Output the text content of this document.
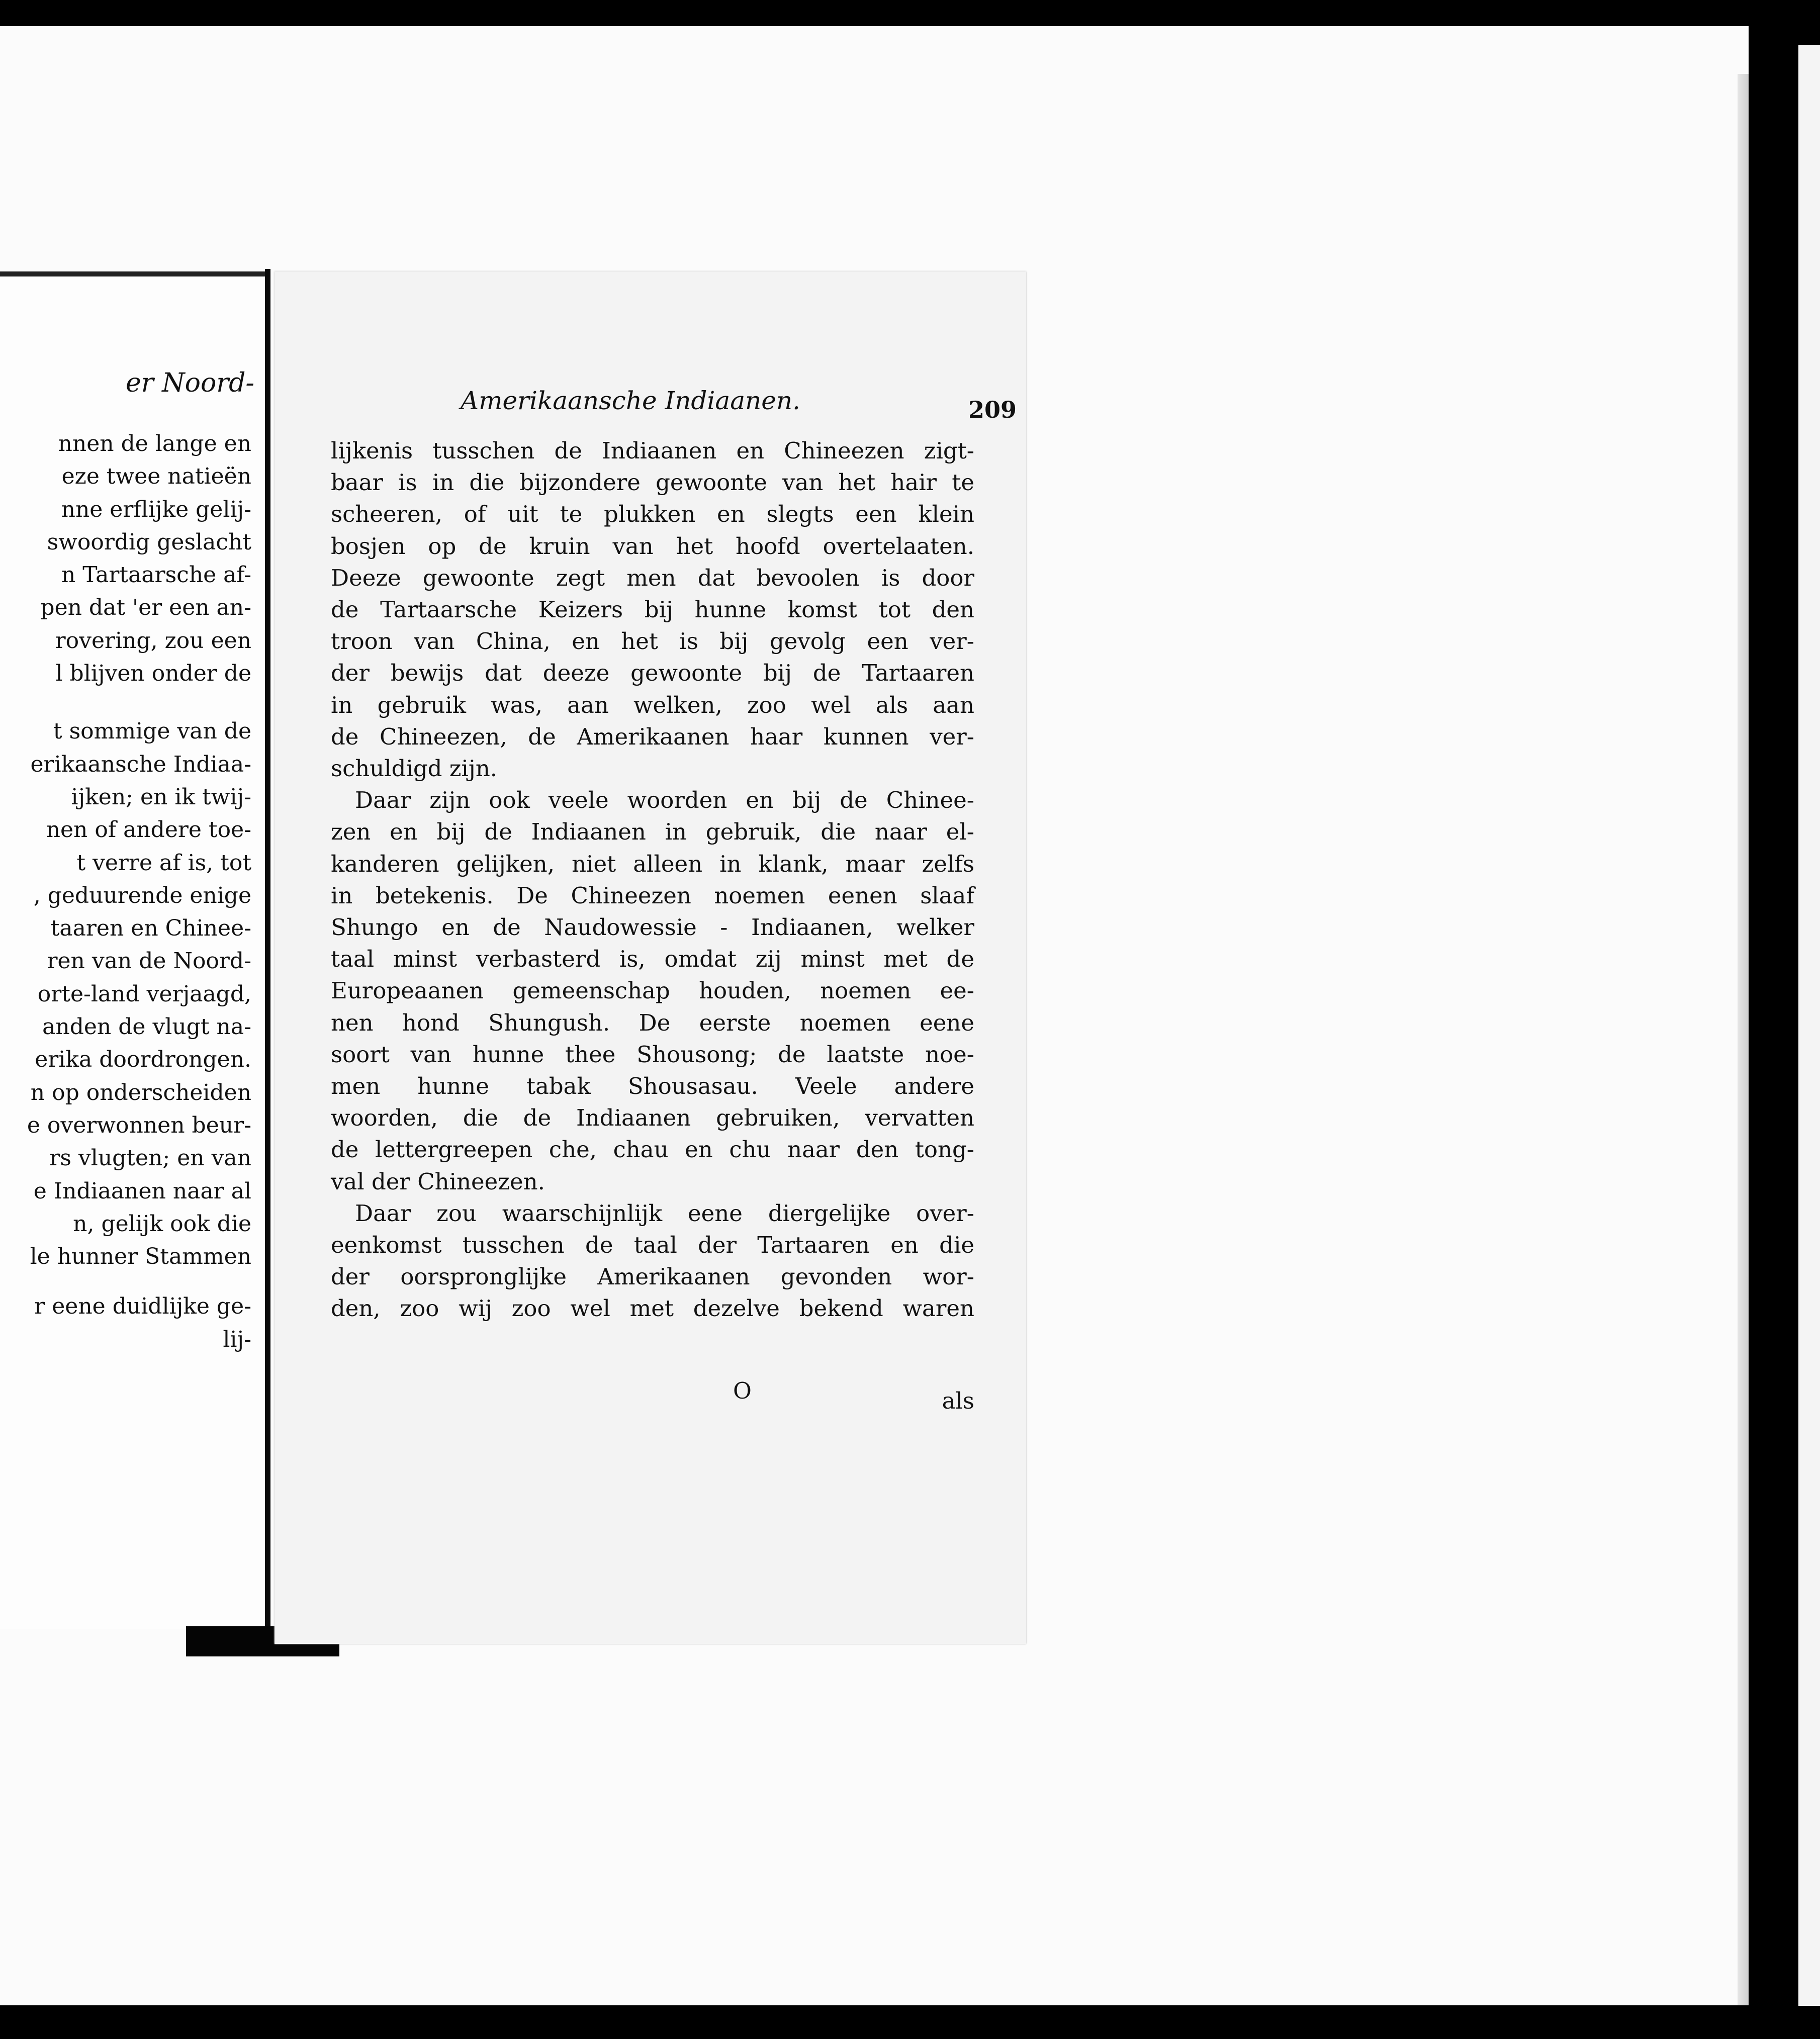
er Noord-
nnen de lange en
eze twee natieën
nne erflijke gelij-
swoordig geslacht
n Tartaarsche af-
pen dat 'er een an-
rovering, zou een
l blijven onder de
t sommige van de
erikaansche Indiaa-
ijken; en ik twij-
nen of andere toe-
t verre af is, tot
, geduurende enige
taaren en Chinee-
ren van de Noord-
orte-land verjaagd,
anden de vlugt na-
erika doordrongen.
n op onderscheiden
e overwonnen beur-
rs vlugten; en van
e Indiaanen naar al
n, gelijk ook die
le hunner Stammen
r eene duidlijke ge-
lij-
Amerikaansche Indiaanen.	209
lijkenis tusschen de Indiaanen en Chineezen zigt-
baar is in die bijzondere gewoonte van het hair te
scheeren, of uit te plukken en slegts een klein
bosjen op de kruin van het hoofd overtelaaten.
Deeze gewoonte zegt men dat bevoolen is door
de Tartaarsche Keizers bij hunne komst tot den
troon van China, en het is bij gevolg een ver-
der bewijs dat deeze gewoonte bij de Tartaaren
in gebruik was, aan welken, zoo wel als aan
de Chineezen, de Amerikaanen haar kunnen ver-
schuldigd zijn.
Daar zijn ook veele woorden en bij de Chinee-
zen en bij de Indiaanen in gebruik, die naar el-
kanderen gelijken, niet alleen in klank, maar zelfs
in betekenis. De Chineezen noemen eenen slaaf
Shungo en de Naudowessie - Indiaanen, welker
taal minst verbasterd is, omdat zij minst met de
Europeaanen gemeenschap houden, noemen ee-
nen hond Shungush. De eerste noemen eene
soort van hunne thee Shousong; de laatste noe-
men hunne tabak Shousasau. Veele andere
woorden, die de Indiaanen gebruiken, vervatten
de lettergreepen che, chau en chu naar den tong-
val der Chineezen.
Daar zou waarschijnlijk eene diergelijke over-
eenkomst tusschen de taal der Tartaaren en die
der oorspronglijke Amerikaanen gevonden wor-
den, zoo wij zoo wel met dezelve bekend waren
O	als
